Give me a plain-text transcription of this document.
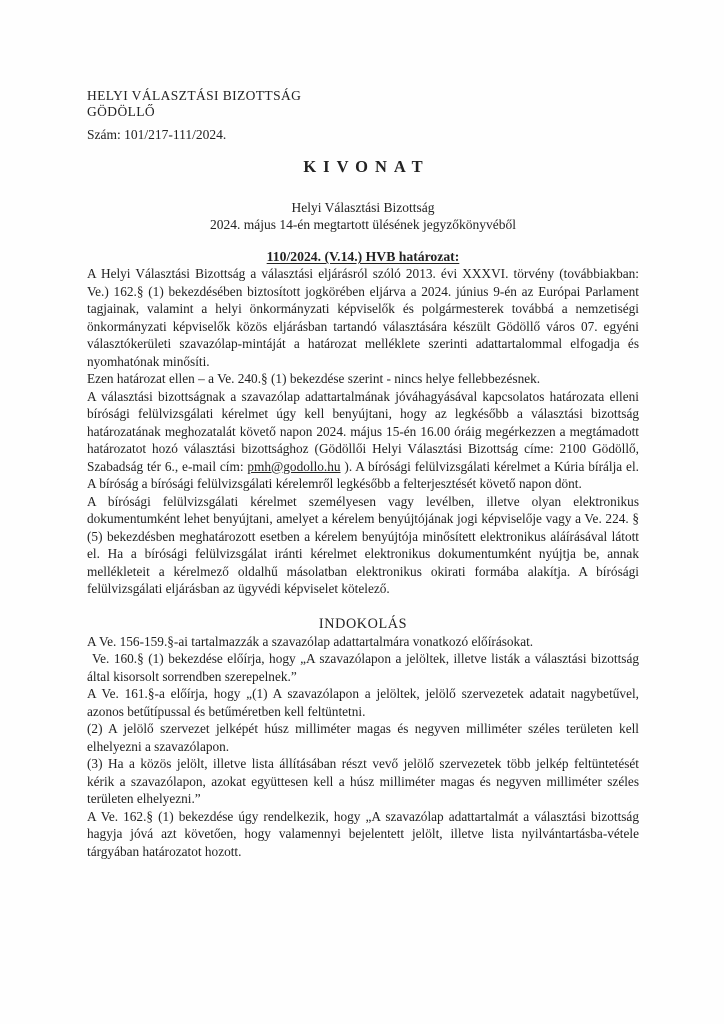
HELYI VÁLASZTÁSI BIZOTTSÁG
GÖDÖLLŐ
Szám: 101/217-111/2024.
KIVONAT
Helyi Választási Bizottság
2024. május 14-én megtartott ülésének jegyzőkönyvéből
110/2024. (V.14.) HVB határozat:

A Helyi Választási Bizottság a választási eljárásról szóló 2013. évi XXXVI. törvény (továbbiakban: Ve.) 162.§ (1) bekezdésében biztosított jogkörében eljárva a 2024. június 9-én az Európai Parlament tagjainak, valamint a helyi önkormányzati képviselők és polgármesterek továbbá a nemzetiségi önkormányzati képviselők közös eljárásban tartandó választására készült Gödöllő város 07. egyéni választókerületi szavazólap-mintáját a határozat melléklete szerinti adattartalommal elfogadja és nyomhatónak minősíti.

Ezen határozat ellen – a Ve. 240.§ (1) bekezdése szerint - nincs helye fellebbezésnek.

A választási bizottságnak a szavazólap adattartalmának jóváhagyásával kapcsolatos határozata elleni bírósági felülvizsgálati kérelmet úgy kell benyújtani, hogy az legkésőbb a választási bizottság határozatának meghozatalát követő napon 2024. május 15-én 16.00 óráig megérkezzen a megtámadott határozatot hozó választási bizottsághoz (Gödöllői Helyi Választási Bizottság címe: 2100 Gödöllő, Szabadság tér 6., e-mail cím: pmh@godollo.hu ). A bírósági felülvizsgálati kérelmet a Kúria bírálja el. A bíróság a bírósági felülvizsgálati kérelemről legkésőbb a felterjesztését követő napon dönt.

A bírósági felülvizsgálati kérelmet személyesen vagy levélben, illetve olyan elektronikus dokumentumként lehet benyújtani, amelyet a kérelem benyújtójának jogi képviselője vagy a Ve. 224. § (5) bekezdésben meghatározott esetben a kérelem benyújtója minősített elektronikus aláírásával látott el. Ha a bírósági felülvizsgálat iránti kérelmet elektronikus dokumentumként nyújtja be, annak mellékleteit a kérelmező oldalhű másolatban elektronikus okirati formába alakítja. A bírósági felülvizsgálati eljárásban az ügyvédi képviselet kötelező.

INDOKOLÁS

A Ve. 156-159.§-ai tartalmazzák a szavazólap adattartalmára vonatkozó előírásokat.

Ve. 160.§ (1) bekezdése előírja, hogy „A szavazólapon a jelöltek, illetve listák a választási bizottság által kisorsolt sorrendben szerepelnek.”

A Ve. 161.§-a előírja, hogy „(1) A szavazólapon a jelöltek, jelölő szervezetek adatait nagybetűvel, azonos betűtípussal és betűméretben kell feltüntetni.

(2) A jelölő szervezet jelképét húsz milliméter magas és negyven milliméter széles területen kell elhelyezni a szavazólapon.

(3) Ha a közös jelölt, illetve lista állításában részt vevő jelölő szervezetek több jelkép feltüntetését kérik a szavazólapon, azokat együttesen kell a húsz milliméter magas és negyven milliméter széles területen elhelyezni.”

A Ve. 162.§ (1) bekezdése úgy rendelkezik, hogy „A szavazólap adattartalmát a választási bizottság hagyja jóvá azt követően, hogy valamennyi bejelentett jelölt, illetve lista nyilvántartásba-vétele tárgyában határozatot hozott.
